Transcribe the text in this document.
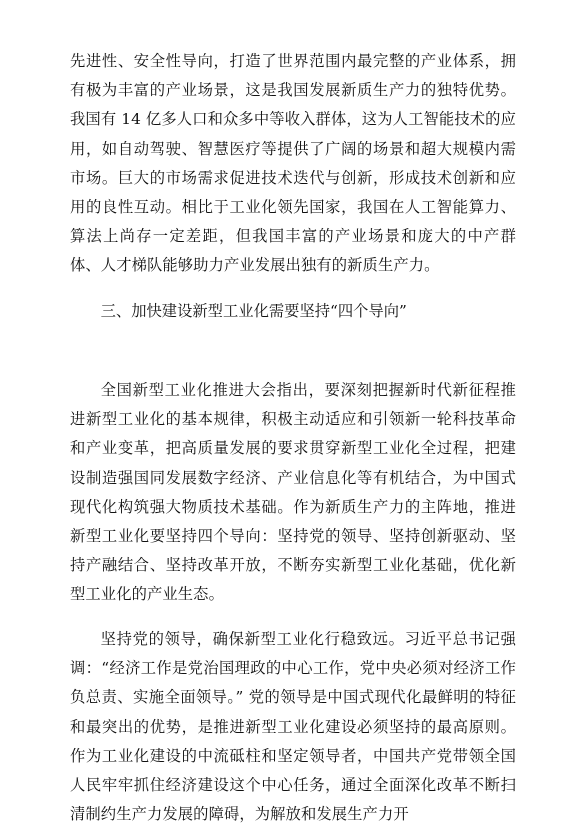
先进性、安全性导向，打造了世界范围内最完整的产业体系，拥有极为丰富的产业场景，这是我国发展新质生产力的独特优势。我国有 14 亿多人口和众多中等收入群体，这为人工智能技术的应用，如自动驾驶、智慧医疗等提供了广阔的场景和超大规模内需市场。巨大的市场需求促进技术迭代与创新，形成技术创新和应用的良性互动。相比于工业化领先国家，我国在人工智能算力、算法上尚存一定差距，但我国丰富的产业场景和庞大的中产群体、人才梯队能够助力产业发展出独有的新质生产力。

三、加快建设新型工业化需要坚持“四个导向”

全国新型工业化推进大会指出，要深刻把握新时代新征程推进新型工业化的基本规律，积极主动适应和引领新一轮科技革命和产业变革，把高质量发展的要求贯穿新型工业化全过程，把建设制造强国同发展数字经济、产业信息化等有机结合，为中国式现代化构筑强大物质技术基础。作为新质生产力的主阵地，推进新型工业化要坚持四个导向：坚持党的领导、坚持创新驱动、坚持产融结合、坚持改革开放，不断夯实新型工业化基础，优化新型工业化的产业生态。

坚持党的领导，确保新型工业化行稳致远。习近平总书记强调：“经济工作是党治国理政的中心工作，党中央必须对经济工作负总责、实施全面领导。” 党的领导是中国式现代化最鲜明的特征和最突出的优势，是推进新型工业化建设必须坚持的最高原则。作为工业化建设的中流砥柱和坚定领导者，中国共产党带领全国人民牢牢抓住经济建设这个中心任务，通过全面深化改革不断扫清制约生产力发展的障碍，为解放和发展生产力开
